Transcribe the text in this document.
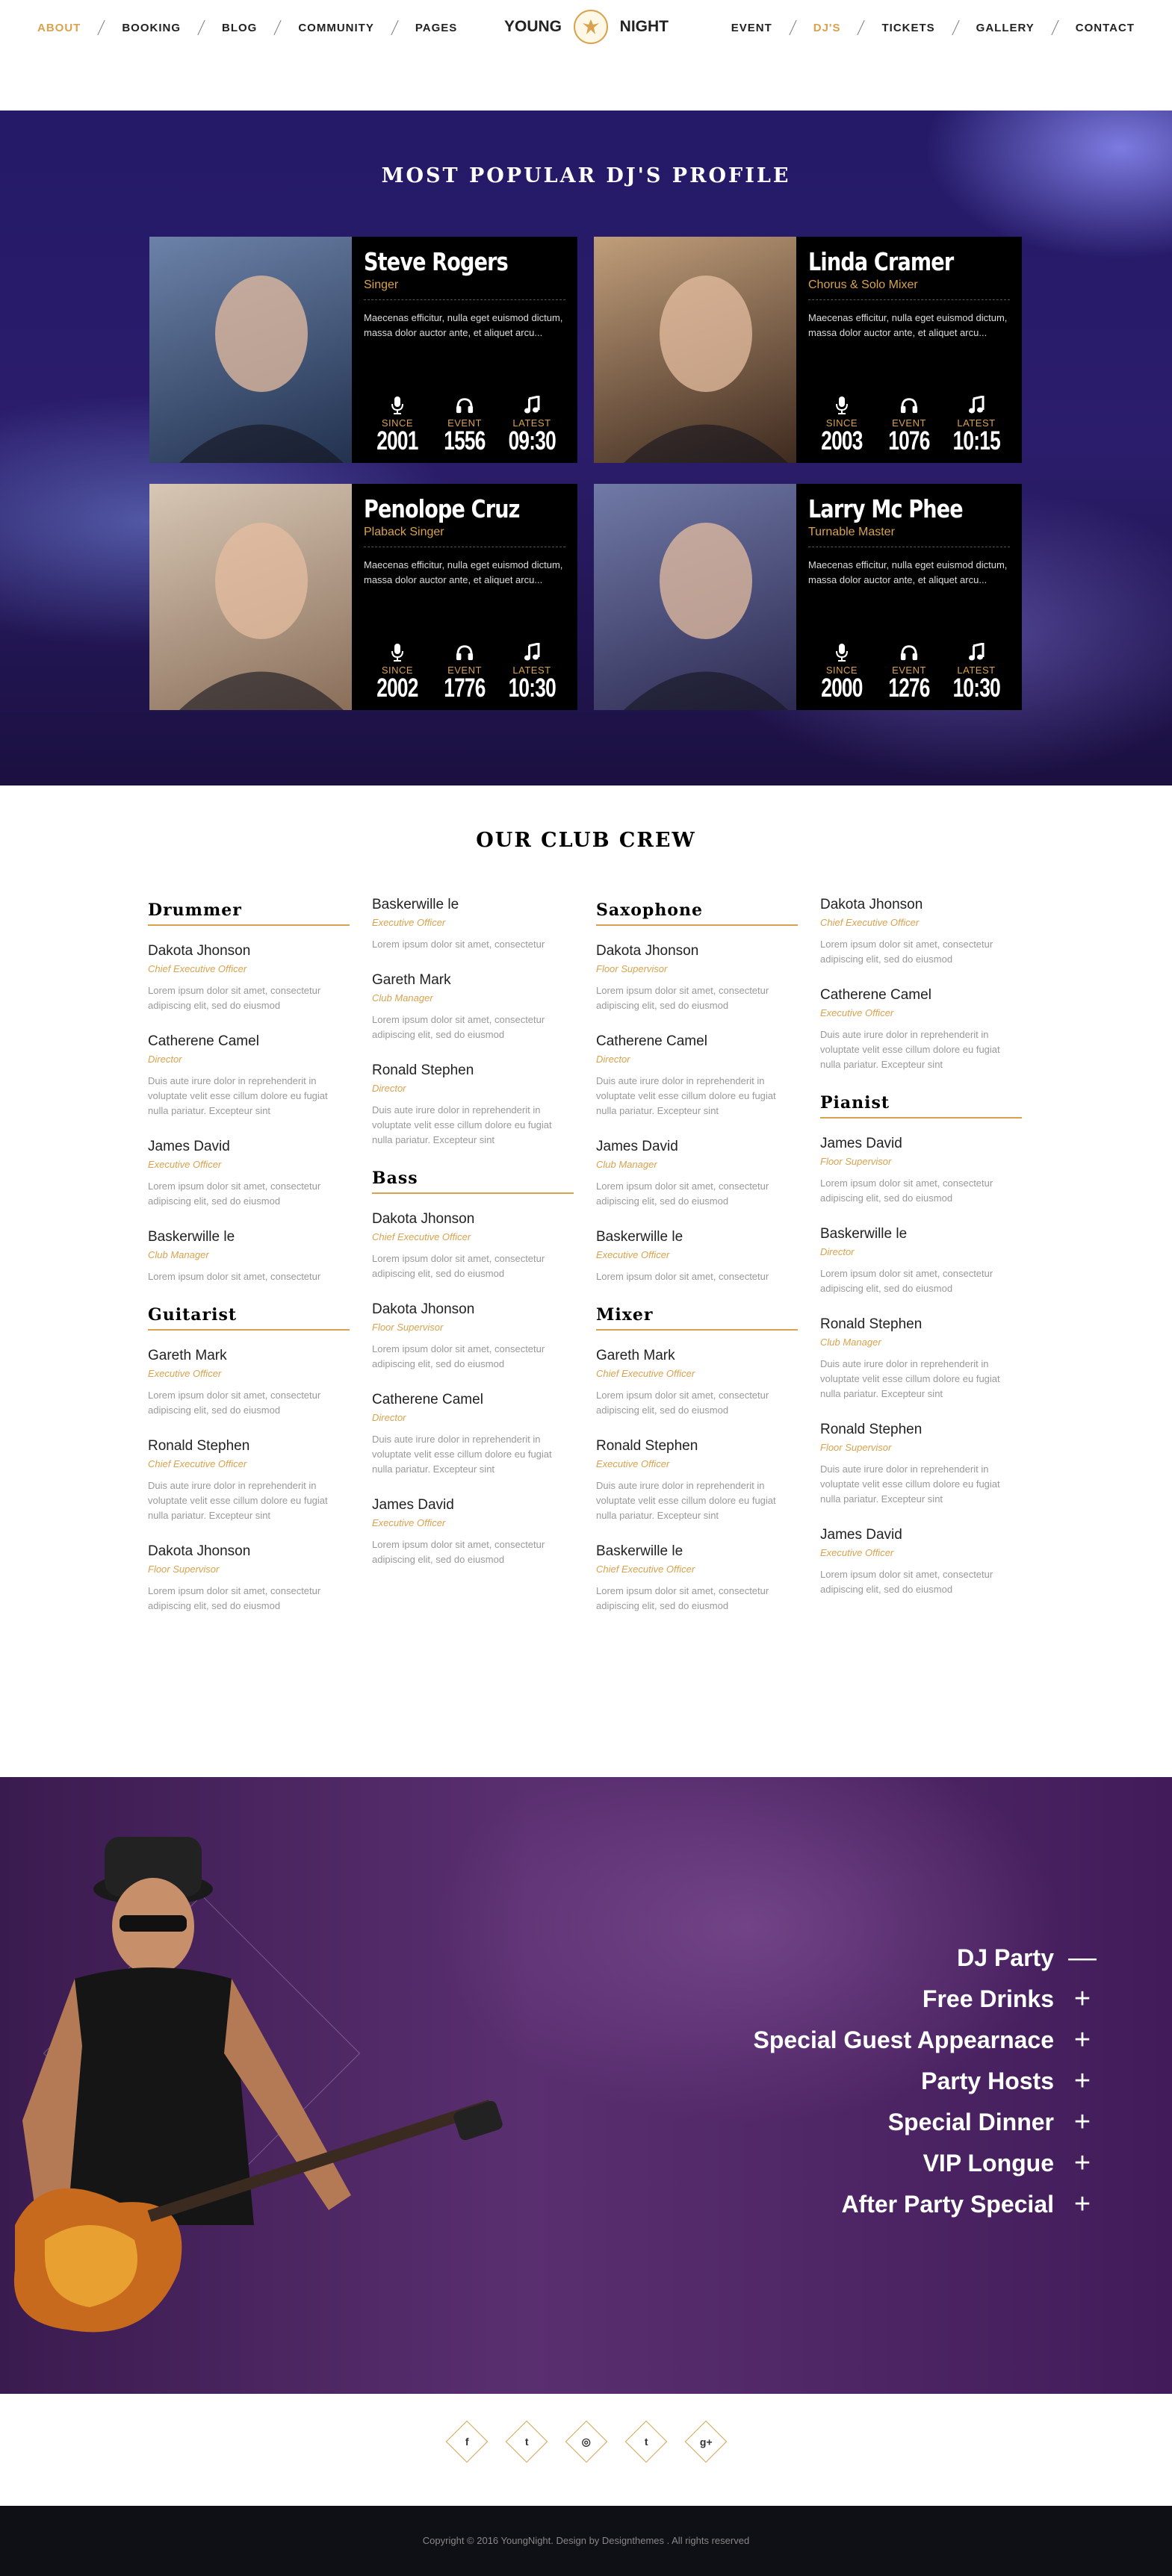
ABOUT	BOOKING	BLOG	COMMUNITY	PAGES	YOUNG	NIGHT	EVENT	DJ'S	TICKETS	GALLERY	CONTACT
MOST POPULAR DJ'S PROFILE
Steve Rogers
Singer
Maecenas efficitur, nulla eget euismod dictum, massa dolor auctor ante, et aliquet arcu...
SINCE
2001
EVENT
1556
LATEST
09:30
Linda Cramer
Chorus & Solo Mixer
Maecenas efficitur, nulla eget euismod dictum, massa dolor auctor ante, et aliquet arcu...
SINCE
2003
EVENT
1076
LATEST
10:15
Penolope Cruz
Plaback Singer
Maecenas efficitur, nulla eget euismod dictum, massa dolor auctor ante, et aliquet arcu...
SINCE
2002
EVENT
1776
LATEST
10:30
Larry Mc Phee
Turnable Master
Maecenas efficitur, nulla eget euismod dictum, massa dolor auctor ante, et aliquet arcu...
SINCE
2000
EVENT
1276
LATEST
10:30
OUR CLUB CREW
Drummer
Dakota Jhonson
Chief Executive Officer
Lorem ipsum dolor sit amet, consectetur adipiscing elit, sed do eiusmod
Catherene Camel
Director
Duis aute irure dolor in reprehenderit in voluptate velit esse cillum dolore eu fugiat nulla pariatur. Excepteur sint
James David
Executive Officer
Lorem ipsum dolor sit amet, consectetur adipiscing elit, sed do eiusmod
Baskerwille le
Club Manager
Lorem ipsum dolor sit amet, consectetur
Guitarist
Gareth Mark
Executive Officer
Lorem ipsum dolor sit amet, consectetur adipiscing elit, sed do eiusmod
Ronald Stephen
Chief Executive Officer
Duis aute irure dolor in reprehenderit in voluptate velit esse cillum dolore eu fugiat nulla pariatur. Excepteur sint
Dakota Jhonson
Floor Supervisor
Lorem ipsum dolor sit amet, consectetur adipiscing elit, sed do eiusmod
Baskerwille le
Executive Officer
Lorem ipsum dolor sit amet, consectetur
Gareth Mark
Club Manager
Lorem ipsum dolor sit amet, consectetur adipiscing elit, sed do eiusmod
Ronald Stephen
Director
Duis aute irure dolor in reprehenderit in voluptate velit esse cillum dolore eu fugiat nulla pariatur. Excepteur sint
Bass
Dakota Jhonson
Chief Executive Officer
Lorem ipsum dolor sit amet, consectetur adipiscing elit, sed do eiusmod
Dakota Jhonson
Floor Supervisor
Lorem ipsum dolor sit amet, consectetur adipiscing elit, sed do eiusmod
Catherene Camel
Director
Duis aute irure dolor in reprehenderit in voluptate velit esse cillum dolore eu fugiat nulla pariatur. Excepteur sint
James David
Executive Officer
Lorem ipsum dolor sit amet, consectetur adipiscing elit, sed do eiusmod
Saxophone
Dakota Jhonson
Floor Supervisor
Lorem ipsum dolor sit amet, consectetur adipiscing elit, sed do eiusmod
Catherene Camel
Director
Duis aute irure dolor in reprehenderit in voluptate velit esse cillum dolore eu fugiat nulla pariatur. Excepteur sint
James David
Club Manager
Lorem ipsum dolor sit amet, consectetur adipiscing elit, sed do eiusmod
Baskerwille le
Executive Officer
Lorem ipsum dolor sit amet, consectetur
Mixer
Gareth Mark
Chief Executive Officer
Lorem ipsum dolor sit amet, consectetur adipiscing elit, sed do eiusmod
Ronald Stephen
Executive Officer
Duis aute irure dolor in reprehenderit in voluptate velit esse cillum dolore eu fugiat nulla pariatur. Excepteur sint
Baskerwille le
Chief Executive Officer
Lorem ipsum dolor sit amet, consectetur adipiscing elit, sed do eiusmod
Dakota Jhonson
Chief Executive Officer
Lorem ipsum dolor sit amet, consectetur adipiscing elit, sed do eiusmod
Catherene Camel
Executive Officer
Duis aute irure dolor in reprehenderit in voluptate velit esse cillum dolore eu fugiat nulla pariatur. Excepteur sint
Pianist
James David
Floor Supervisor
Lorem ipsum dolor sit amet, consectetur adipiscing elit, sed do eiusmod
Baskerwille le
Director
Lorem ipsum dolor sit amet, consectetur adipiscing elit, sed do eiusmod
Ronald Stephen
Club Manager
Duis aute irure dolor in reprehenderit in voluptate velit esse cillum dolore eu fugiat nulla pariatur. Excepteur sint
Ronald Stephen
Floor Supervisor
Duis aute irure dolor in reprehenderit in voluptate velit esse cillum dolore eu fugiat nulla pariatur. Excepteur sint
James David
Executive Officer
Lorem ipsum dolor sit amet, consectetur adipiscing elit, sed do eiusmod
DJ Party —
Free Drinks +
Special Guest Appearnace +
Party Hosts +
Special Dinner +
VIP Longue +
After Party Special +
f	t	◎	t	g+
Copyright © 2016 YoungNight. Design by Designthemes . All rights reserved
